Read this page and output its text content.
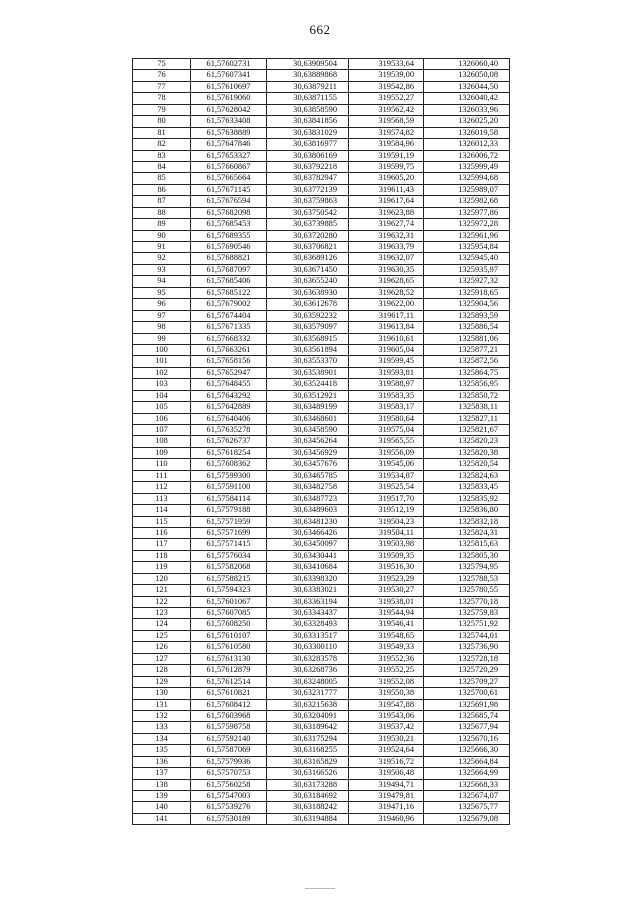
662
75	61,57602731	30,63909504	319533,64	1326060,40
76	61,57607341	30,63889868	319539,00	1326050,08
77	61,57610697	30,63879211	319542,86	1326044,50
78	61,57619060	30,63871155	319552,27	1326040,42
79	61,57628042	30,63858590	319562,42	1326033,96
80	61,57633408	30,63841856	319568,59	1326025,20
81	61,57638889	30,63831029	319574,82	1326019,58
82	61,57647846	30,63816977	319584,96	1326012,33
83	61,57653327	30,63806169	319591,19	1326006,72
84	61,57660867	30,63792218	319599,75	1325999,49
85	61,57665664	30,63782947	319605,20	1325994,68
86	61,57671145	30,63772139	319611,43	1325989,07
87	61,57676594	30,63759863	319617,64	1325982,68
88	61,57682098	30,63750542	319623,88	1325977,86
89	61,57685453	30,63739885	319627,74	1325972,28
90	61,57689355	30,63720280	319632,31	1325961,96
91	61,57690546	30,63706821	319633,79	1325954,84
92	61,57688821	30,63689126	319632,07	1325945,40
93	61,57687097	30,63671450	319630,35	1325935,97
94	61,57685406	30,63655240	319628,65	1325927,32
95	61,57685122	30,63638930	319628,52	1325918,65
96	61,57679002	30,63612678	319622,00	1325904,56
97	61,57674404	30,63592232	319617,11	1325893,59
98	61,57671335	30,63579097	319613,84	1325886,54
99	61,57668332	30,63568915	319610,61	1325881,06
100	61,57663261	30,63561894	319605,04	1325877,21
101	61,57658156	30,63553370	319599,45	1325872,56
102	61,57652947	30,63538901	319593,81	1325864,75
103	61,57648455	30,63524418	319588,97	1325856,95
104	61,57643292	30,63512921	319583,35	1325850,72
105	61,57642889	30,63489199	319583,17	1325838,11
106	61,57640406	30,63468601	319580,64	1325827,11
107	61,57635278	30,63458590	319575,04	1325821,67
108	61,57626737	30,63456264	319565,55	1325820,23
109	61,57618254	30,63456929	319556,09	1325820,38
110	61,57608362	30,63457676	319545,06	1325820,54
111	61,57599300	30,63465785	319534,87	1325824,63
112	61,57591100	30,63482758	319525,54	1325833,45
113	61,57584114	30,63487723	319517,70	1325835,92
114	61,57579188	30,63489603	319512,19	1325836,80
115	61,57571959	30,63481230	319504,23	1325832,18
116	61,57571699	30,63466426	319504,11	1325824,31
117	61,57571415	30,63450097	319503,98	1325815,63
118	61,57576034	30,63430441	319509,35	1325805,30
119	61,57582068	30,63410684	319516,30	1325794,95
120	61,57588215	30,63398320	319523,29	1325788,53
121	61,57594323	30,63383021	319530,27	1325780,55
122	61,57601067	30,63363194	319538,01	1325770,18
123	61,57607085	30,63343437	319544,94	1325759,83
124	61,57608250	30,63328493	319546,41	1325751,92
125	61,57610107	30,63313517	319548,65	1325744,01
126	61,57610580	30,63300110	319549,33	1325736,90
127	61,57613130	30,63283578	319552,36	1325728,18
128	61,57612879	30,63268736	319552,25	1325720,29
129	61,57612514	30,63248005	319552,08	1325709,27
130	61,57610821	30,63231777	319550,38	1325700,61
131	61,57608412	30,63215638	319547,88	1325691,98
132	61,57603968	30,63204091	319543,06	1325685,74
133	61,57598758	30,63189642	319537,42	1325677,94
134	61,57592140	30,63175294	319530,21	1325670,16
135	61,57587069	30,63168255	319524,64	1325666,30
136	61,57579936	30,63165829	319516,72	1325664,84
137	61,57570753	30,63166526	319506,48	1325664,99
138	61,57560258	30,63173288	319494,71	1325668,33
139	61,57547003	30,63184692	319479,81	1325674,07
140	61,57539276	30,63188242	319471,16	1325675,77
141	61,57530189	30,63194884	319460,96	1325679,08
